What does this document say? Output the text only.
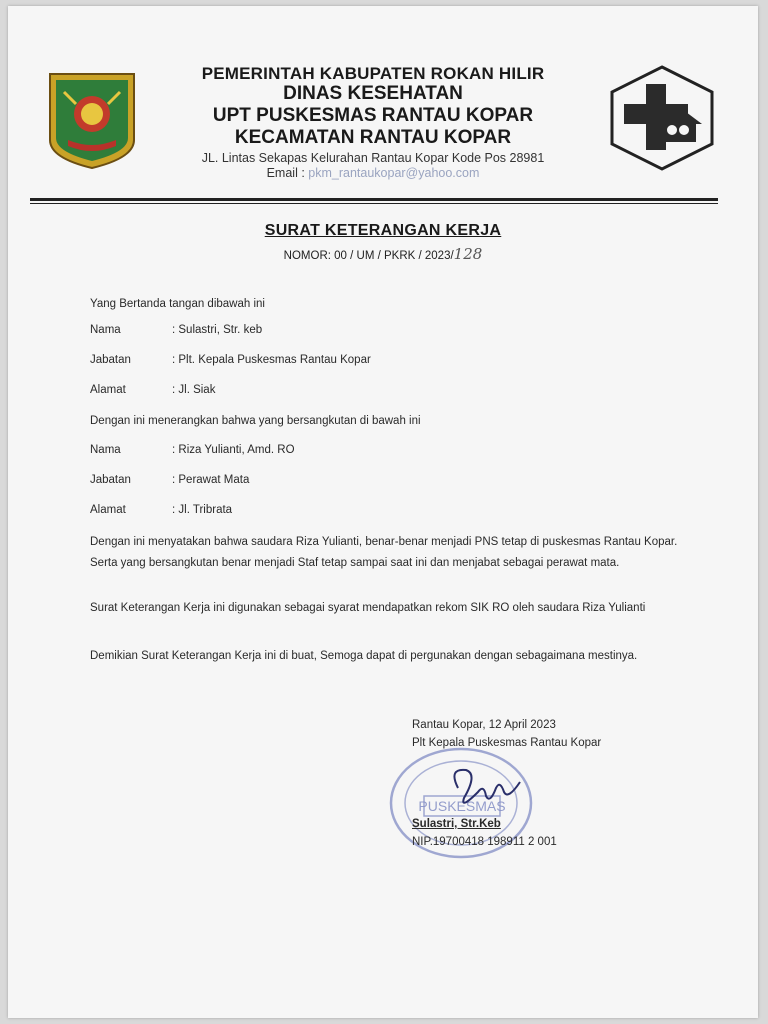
PEMERINTAH KABUPATEN ROKAN HILIR
DINAS KESEHATAN
UPT PUSKESMAS RANTAU KOPAR
KECAMATAN RANTAU KOPAR
JL. Lintas Sekapas Kelurahan Rantau Kopar Kode Pos 28981
Email : pkm_rantaukopar@yahoo.com
SURAT KETERANGAN KERJA
NOMOR: 00 / UM / PKRK / 2023/128
Yang Bertanda tangan dibawah ini
Nama	: Sulastri, Str. keb
Jabatan	: Plt. Kepala Puskesmas Rantau Kopar
Alamat	: Jl. Siak
Dengan ini menerangkan bahwa yang bersangkutan di bawah ini
Nama	: Riza Yulianti, Amd. RO
Jabatan	: Perawat Mata
Alamat	: Jl. Tribrata
Dengan ini menyatakan bahwa saudara Riza Yulianti, benar-benar menjadi PNS tetap di puskesmas Rantau Kopar. Serta yang bersangkutan benar menjadi Staf tetap sampai saat ini dan menjabat sebagai perawat mata.
Surat Keterangan Kerja ini digunakan sebagai syarat mendapatkan rekom SIK RO oleh saudara Riza Yulianti
Demikian Surat Keterangan Kerja ini di buat, Semoga dapat di pergunakan dengan sebagaimana mestinya.
Rantau Kopar, 12 April 2023
Plt Kepala Puskesmas Rantau Kopar
PUSKESMAS
Sulastri, Str.Keb
NIP.19700418 198911 2 001
